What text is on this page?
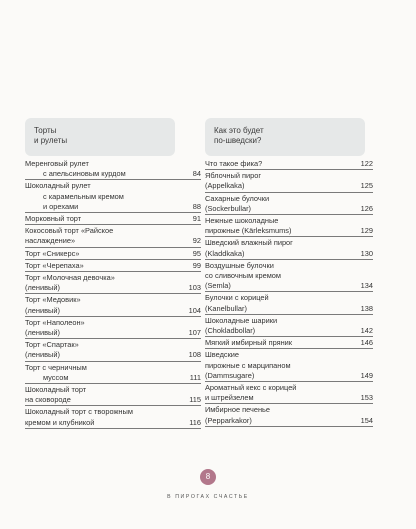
Торты
и рулеты
Меренговый рулет
с апельсиновым курдом	84
Шоколадный рулет
с карамельным кремом
и орехами	88
Морковный торт	91
Кокосовый торт «Райское
наслаждение»	92
Торт «Сникерс»	95
Торт «Черепаха»	99
Торт «Молочная девочка»
(ленивый)	103
Торт «Медовик»
(ленивый)	104
Торт «Наполеон»
(ленивый)	107
Торт «Спартак»
(ленивый)	108
Торт с черничным
муссом	111
Шоколадный торт
на сковороде	115
Шоколадный торт с творожным
кремом и клубникой	116
Как это будет
по-шведски?
Что такое фика?	122
Яблочный пирог
(Appelkaka)	125
Сахарные булочки
(Sockerbullar)	126
Нежные шоколадные
пирожные (Kärleksmums)	129
Шведский влажный пирог
(Kladdkaka)	130
Воздушные булочки
со сливочным кремом
(Semla)	134
Булочки с корицей
(Kanelbullar)	138
Шоколадные шарики
(Chokladbollar)	142
Мягкий имбирный пряник	146
Шведские
пирожные с марципаном
(Dammsugare)	149
Ароматный кекс с корицей
и штрейзелем	153
Имбирное печенье
(Pepparkakor)	154
8
В ПИРОГАХ СЧАСТЬЕ
